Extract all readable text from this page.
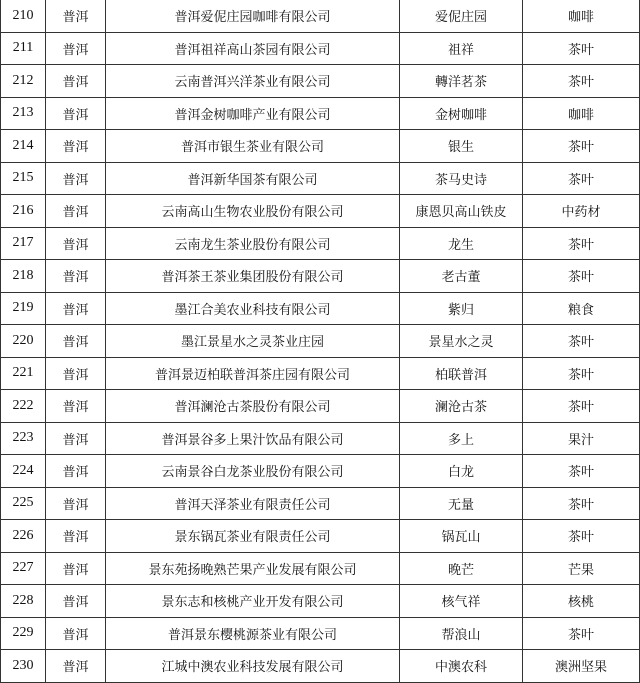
210	普洱	普洱爱伲庄园咖啡有限公司	爱伲庄园	咖啡
211	普洱	普洱祖祥高山茶园有限公司	祖祥	茶叶
212	普洱	云南普洱兴洋茶业有限公司	轉洋茗茶	茶叶
213	普洱	普洱金树咖啡产业有限公司	金树咖啡	咖啡
214	普洱	普洱市银生茶业有限公司	银生	茶叶
215	普洱	普洱新华国茶有限公司	茶马史诗	茶叶
216	普洱	云南高山生物农业股份有限公司	康恩贝高山铁皮	中药材
217	普洱	云南龙生茶业股份有限公司	龙生	茶叶
218	普洱	普洱茶王茶业集团股份有限公司	老古董	茶叶
219	普洱	墨江合美农业科技有限公司	紫归	粮食
220	普洱	墨江景星水之灵茶业庄园	景星水之灵	茶叶
221	普洱	普洱景迈柏联普洱茶庄园有限公司	柏联普洱	茶叶
222	普洱	普洱澜沧古茶股份有限公司	澜沧古茶	茶叶
223	普洱	普洱景谷多上果汁饮品有限公司	多上	果汁
224	普洱	云南景谷白龙茶业股份有限公司	白龙	茶叶
225	普洱	普洱天泽茶业有限责任公司	无量	茶叶
226	普洱	景东锅瓦茶业有限责任公司	锅瓦山	茶叶
227	普洱	景东苑扬晚熟芒果产业发展有限公司	晚芒	芒果
228	普洱	景东志和核桃产业开发有限公司	核气祥	核桃
229	普洱	普洱景东樱桃源茶业有限公司	帮浪山	茶叶
230	普洱	江城中澳农业科技发展有限公司	中澳农科	澳洲坚果
